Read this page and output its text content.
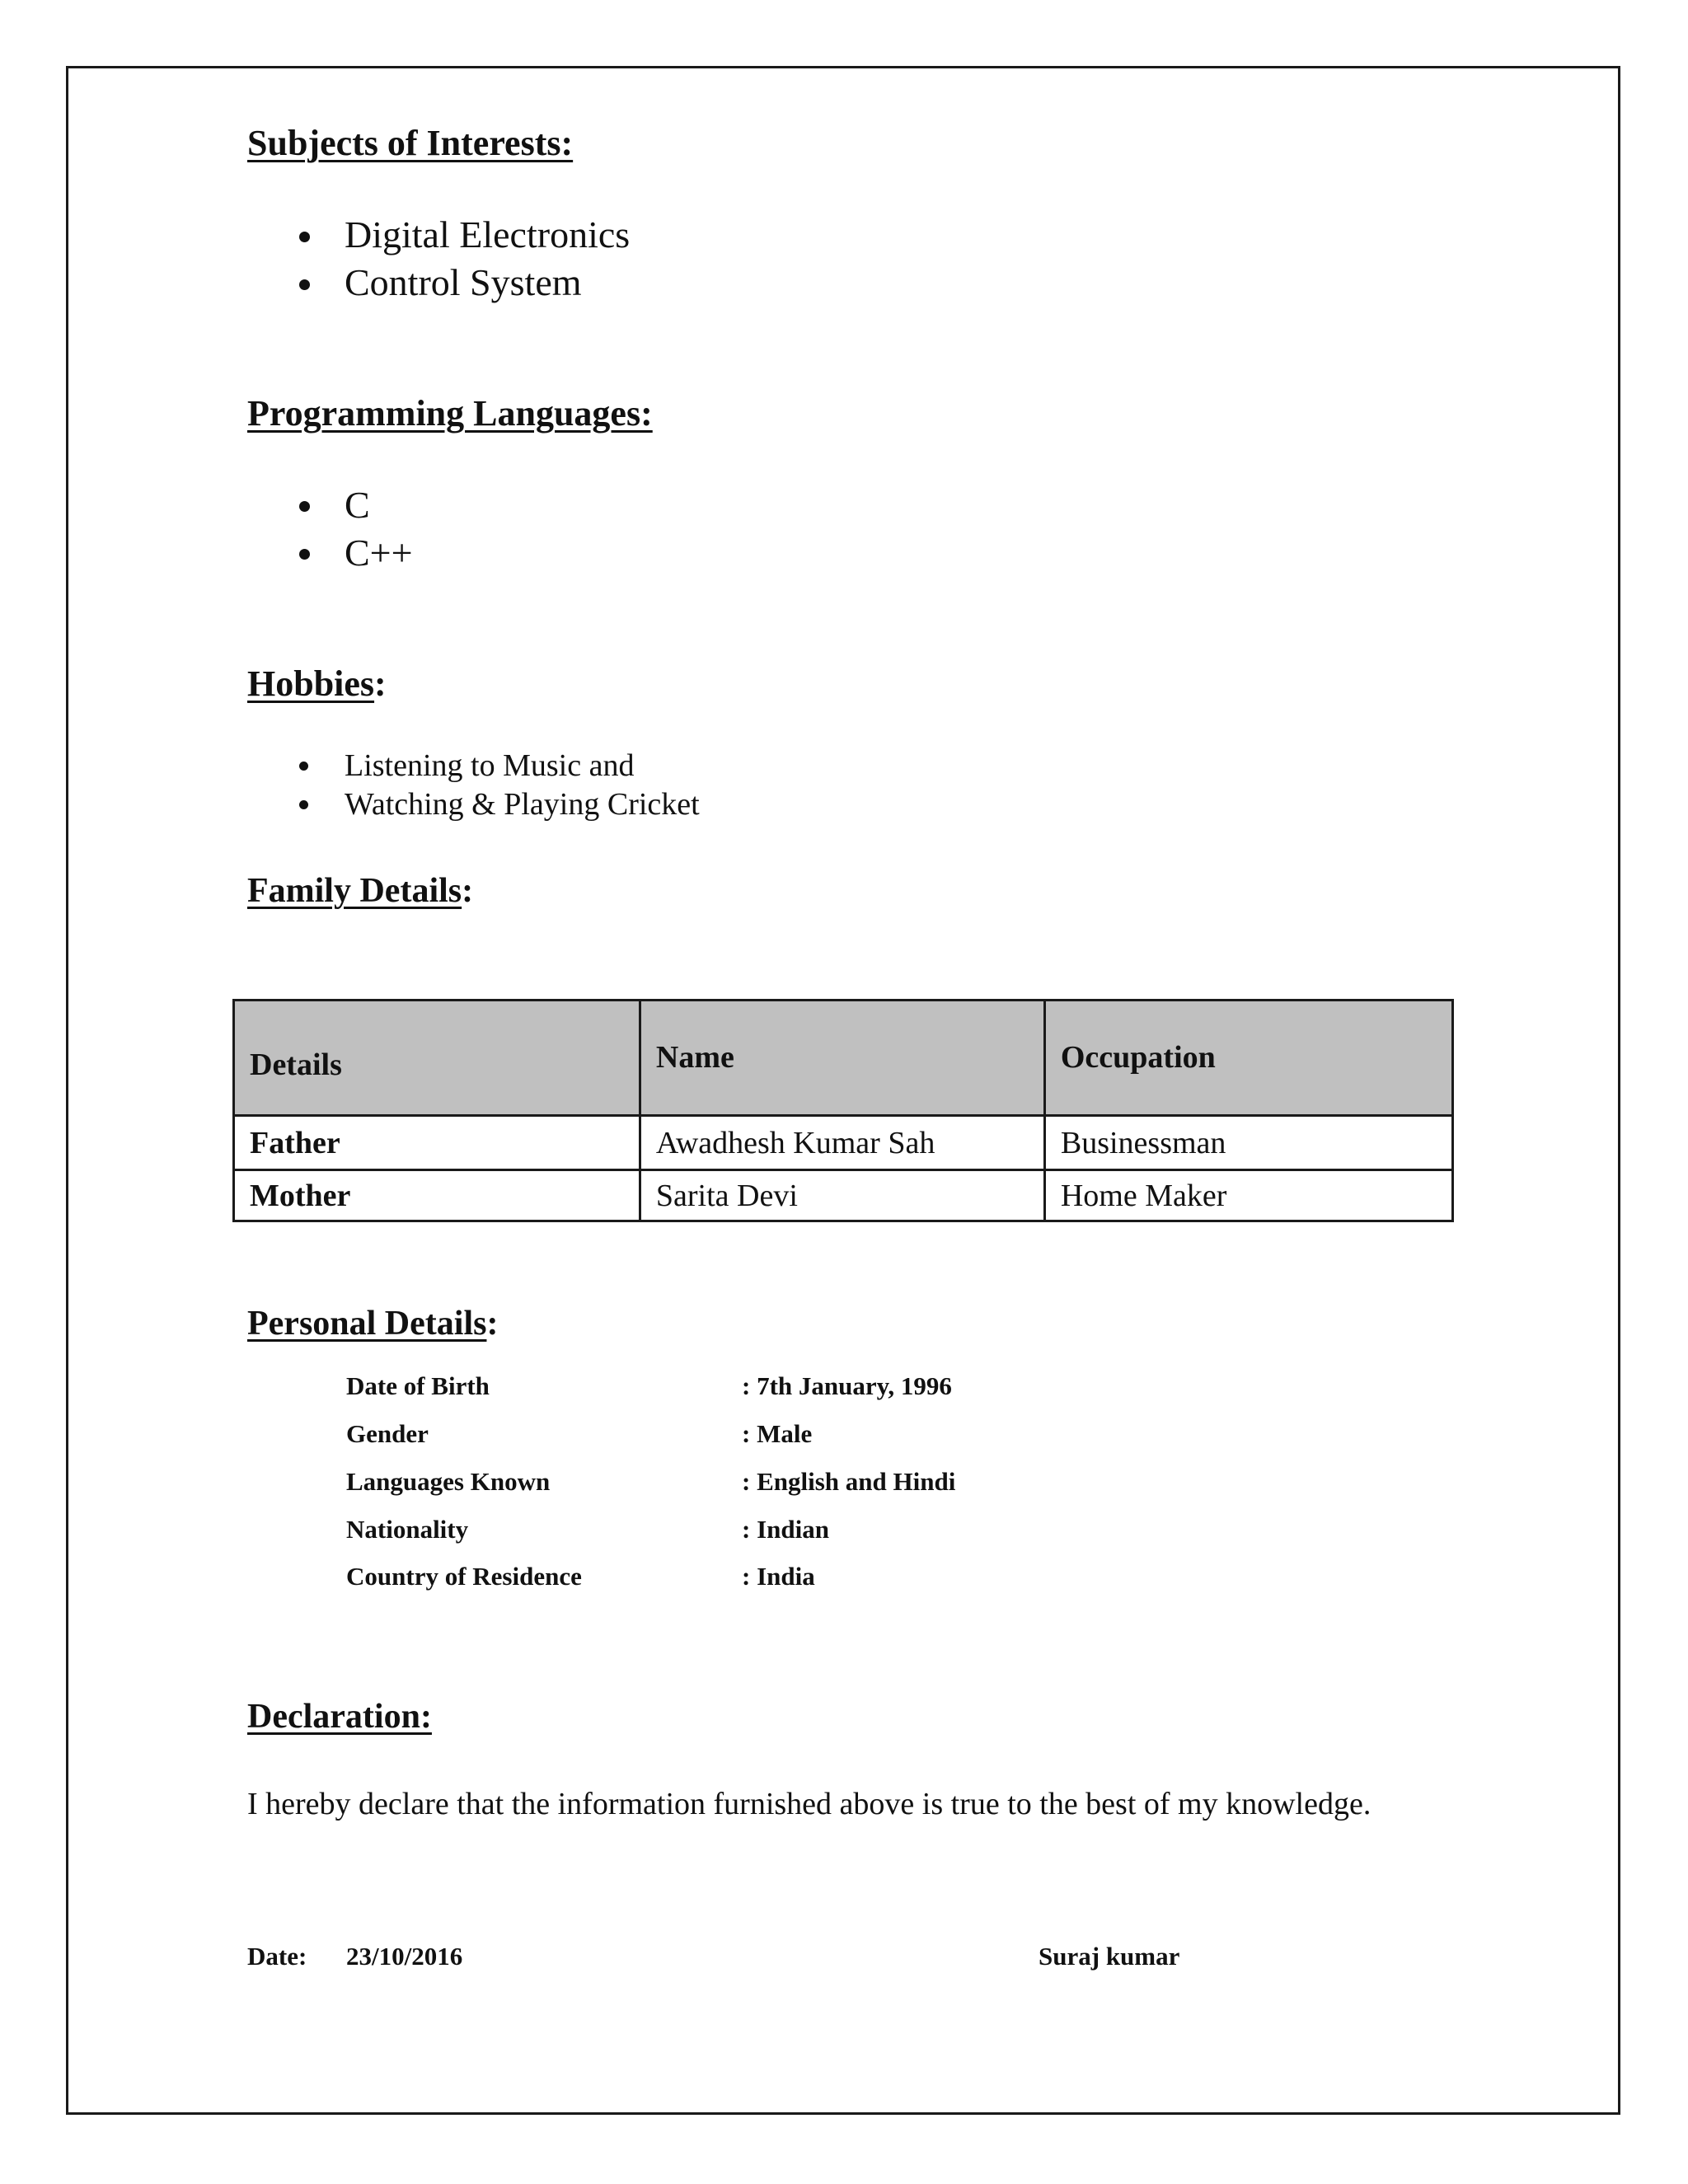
Subjects of Interests:
Digital Electronics
Control System
Programming Languages:
C
C++
Hobbies:
Listening to Music and
Watching & Playing Cricket
Family Details:
Details	Name	Occupation
Father	Awadhesh Kumar Sah	Businessman
Mother	Sarita Devi	Home Maker
Personal Details:
Date of Birth	: 7th January, 1996
Gender	: Male
Languages Known	: English and Hindi
Nationality	: Indian
Country of Residence	: India
Declaration:
I hereby declare that the information furnished above is true to the best of my knowledge.
Date: 23/10/2016	Suraj kumar
